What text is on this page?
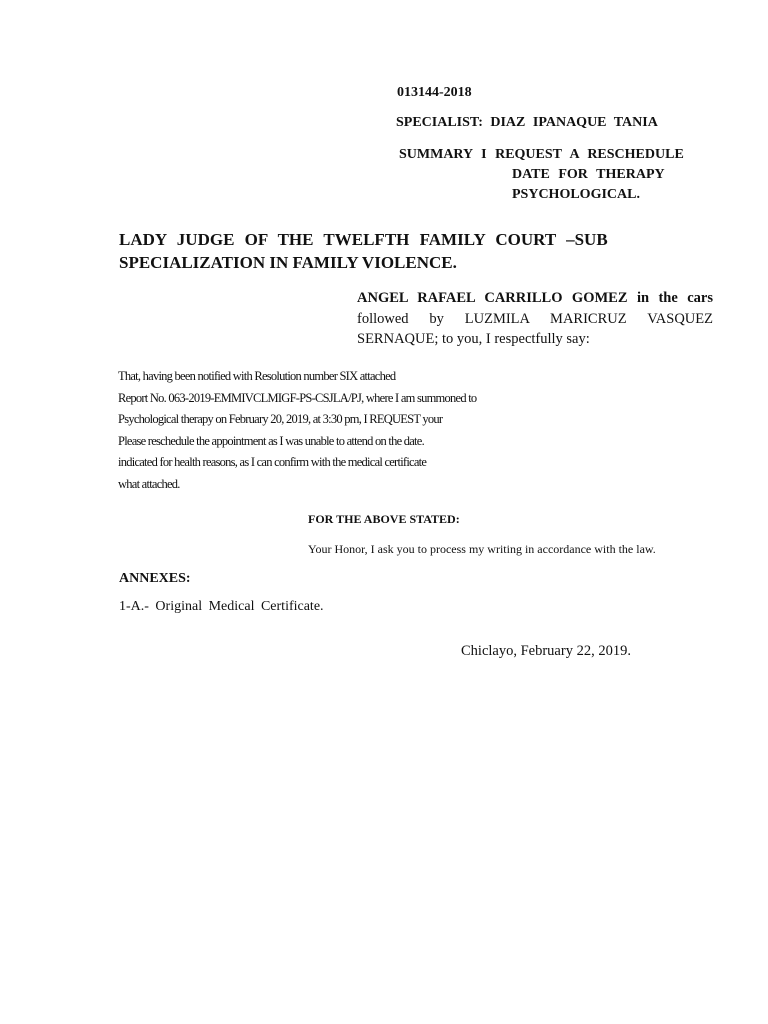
013144-2018
SPECIALIST: DIAZ IPANAQUE TANIA
SUMMARY I REQUEST A RESCHEDULE
DATE FOR THERAPY
PSYCHOLOGICAL.
LADY JUDGE OF THE TWELFTH FAMILY COURT –SUB
SPECIALIZATION IN FAMILY VIOLENCE.
ANGEL RAFAEL CARRILLO GOMEZ in the cars
followed by LUZMILA MARICRUZ VASQUEZ
SERNAQUE; to you, I respectfully say:
That, having been notified with Resolution number SIX attached
Report No. 063-2019-EMMIVCLMIGF-PS-CSJLA/PJ, where I am summoned to
Psychological therapy on February 20, 2019, at 3:30 pm, I REQUEST your
Please reschedule the appointment as I was unable to attend on the date.
indicated for health reasons, as I can confirm with the medical certificate
what attached.
FOR THE ABOVE STATED:
Your Honor, I ask you to process my writing in accordance with the law.
ANNEXES:
1-A.- Original Medical Certificate.
Chiclayo, February 22, 2019.
